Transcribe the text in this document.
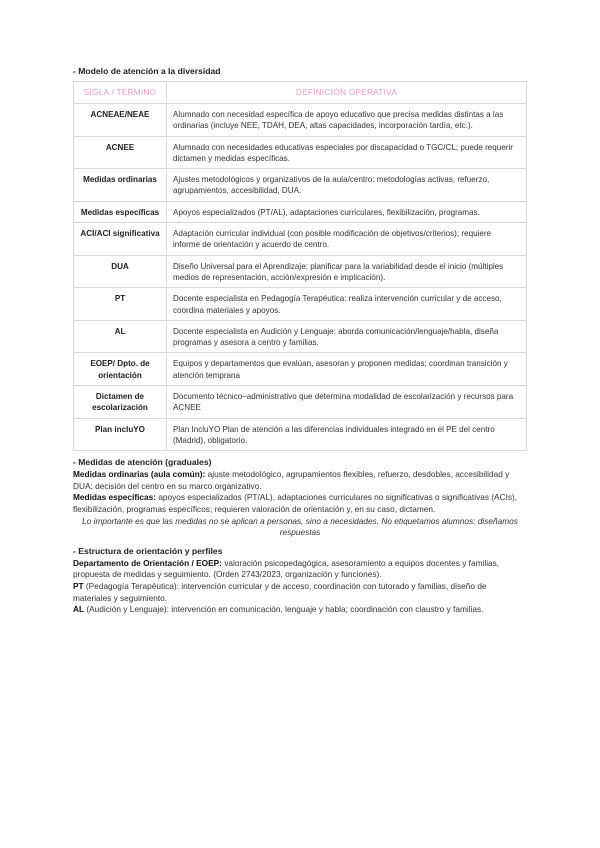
- Modelo de atención a la diversidad
SIGLA / TÉRMINO	DEFINICIÓN OPERATIVA
ACNEAE/NEAE	Alumnado con necesidad específica de apoyo educativo que precisa medidas distintas a las ordinarias (incluye NEE, TDAH, DEA, altas capacidades, incorporación tardía, etc.).
ACNEE	Alumnado con necesidades educativas especiales por discapacidad o TGC/CL; puede requerir dictamen y medidas específicas.
Medidas ordinarias	Ajustes metodológicos y organizativos de la aula/centro: metodologías activas, refuerzo, agrupamientos, accesibilidad, DUA.
Medidas específicas	Apoyos especializados (PT/AL), adaptaciones curriculares, flexibilización, programas.
ACI/ACI significativa	Adaptación curricular individual (con posible modificación de objetivos/criterios); requiere informe de orientación y acuerdo de centro.
DUA	Diseño Universal para el Aprendizaje: planificar para la variabilidad desde el inicio (múltiples medios de representación, acción/expresión e implicación).
PT	Docente especialista en Pedagogía Terapéutica: realiza intervención curricular y de acceso, coordina materiales y apoyos.
AL	Docente especialista en Audición y Lenguaje: aborda comunicación/lenguaje/habla, diseña programas y asesora a centro y familias.
EOEP/ Dpto. de orientación	Equipos y departamentos que evalúan, asesoran y proponen medidas; coordinan transición y atención temprana
Dictamen de escolarización	Documento técnico–administrativo que determina modalidad de escolarización y recursos para ACNEE
Plan incluYO	Plan IncluYO Plan de atención a las diferencias individuales integrado en el PE del centro (Madrid), obligatorio.
- Medidas de atención (graduales)
Medidas ordinarias (aula común): ajuste metodológico, agrupamientos flexibles, refuerzo, desdobles, accesibilidad y DUA; decisión del centro en su marco organizativo.
Medidas específicas: apoyos especializados (PT/AL), adaptaciones curriculares no significativas o significativas (ACIs), flexibilización, programas específicos; requieren valoración de orientación y, en su caso, dictamen.
Lo importante es que las medidas no se aplican a personas, sino a necesidades. No etiquetamos alumnos: diseñamos respuestas
- Estructura de orientación y perfiles
Departamento de Orientación / EOEP: valoración psicopedagógica, asesoramiento a equipos docentes y familias, propuesta de medidas y seguimiento. (Orden 2743/2023, organización y funciones).
PT (Pedagogía Terapéutica): intervención curricular y de acceso, coordinación con tutorado y familias, diseño de materiales y seguimiento.
AL (Audición y Lenguaje): intervención en comunicación, lenguaje y habla; coordinación con claustro y familias.
